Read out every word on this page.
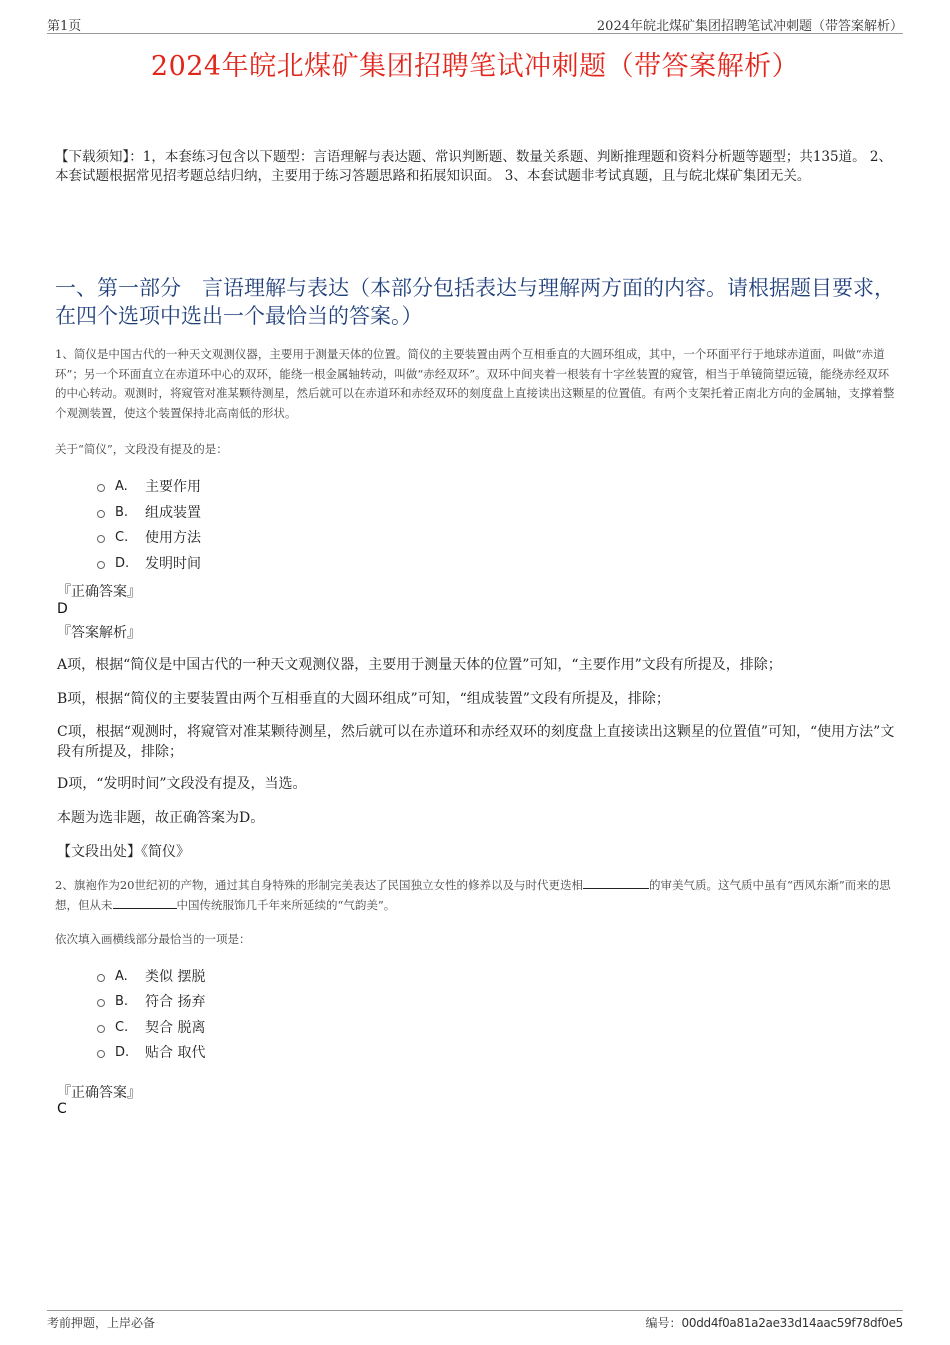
第1页	2024年皖北煤矿集团招聘笔试冲刺题（带答案解析）
2024年皖北煤矿集团招聘笔试冲刺题（带答案解析）
【下载须知】：1，本套练习包含以下题型：言语理解与表达题、常识判断题、数量关系题、判断推理题和资料分析题等题型；共135道。 2、本套试题根据常见招考题总结归纳，主要用于练习答题思路和拓展知识面。 3、本套试题非考试真题，且与皖北煤矿集团无关。
一、第一部分　言语理解与表达（本部分包括表达与理解两方面的内容。请根据题目要求，在四个选项中选出一个最恰当的答案。）
1、简仪是中国古代的一种天文观测仪器，主要用于测量天体的位置。简仪的主要装置由两个互相垂直的大圆环组成，其中，一个环面平行于地球赤道面，叫做“赤道环”；另一个环面直立在赤道环中心的双环，能绕一根金属轴转动，叫做“赤经双环”。双环中间夹着一根装有十字丝装置的窥管，相当于单镜筒望远镜，能绕赤经双环的中心转动。观测时，将窥管对准某颗待测星，然后就可以在赤道环和赤经双环的刻度盘上直接读出这颗星的位置值。有两个支架托着正南北方向的金属轴，支撑着整个观测装置，使这个装置保持北高南低的形状。
关于“简仪”，文段没有提及的是：
A.	主要作用
B.	组成装置
C.	使用方法
D.	发明时间
『正确答案』
D
『答案解析』
A项，根据“简仪是中国古代的一种天文观测仪器，主要用于测量天体的位置”可知，“主要作用”文段有所提及，排除；
B项，根据“简仪的主要装置由两个互相垂直的大圆环组成”可知，“组成装置”文段有所提及，排除；
C项，根据“观测时，将窥管对准某颗待测星，然后就可以在赤道环和赤经双环的刻度盘上直接读出这颗星的位置值”可知，“使用方法”文段有所提及，排除；
D项，“发明时间”文段没有提及，当选。
本题为选非题，故正确答案为D。
【文段出处】《简仪》
2、旗袍作为20世纪初的产物，通过其自身特殊的形制完美表达了民国独立女性的修养以及与时代更迭相	的审美气质。这气质中虽有“西风东渐”而来的思想，但从未	中国传统服饰几千年来所延续的“气韵美”。
依次填入画横线部分最恰当的一项是：
A.	类似 摆脱
B.	符合 扬弃
C.	契合 脱离
D.	贴合 取代
『正确答案』
C
考前押题，上岸必备	编号：00dd4f0a81a2ae33d14aac59f78df0e5
